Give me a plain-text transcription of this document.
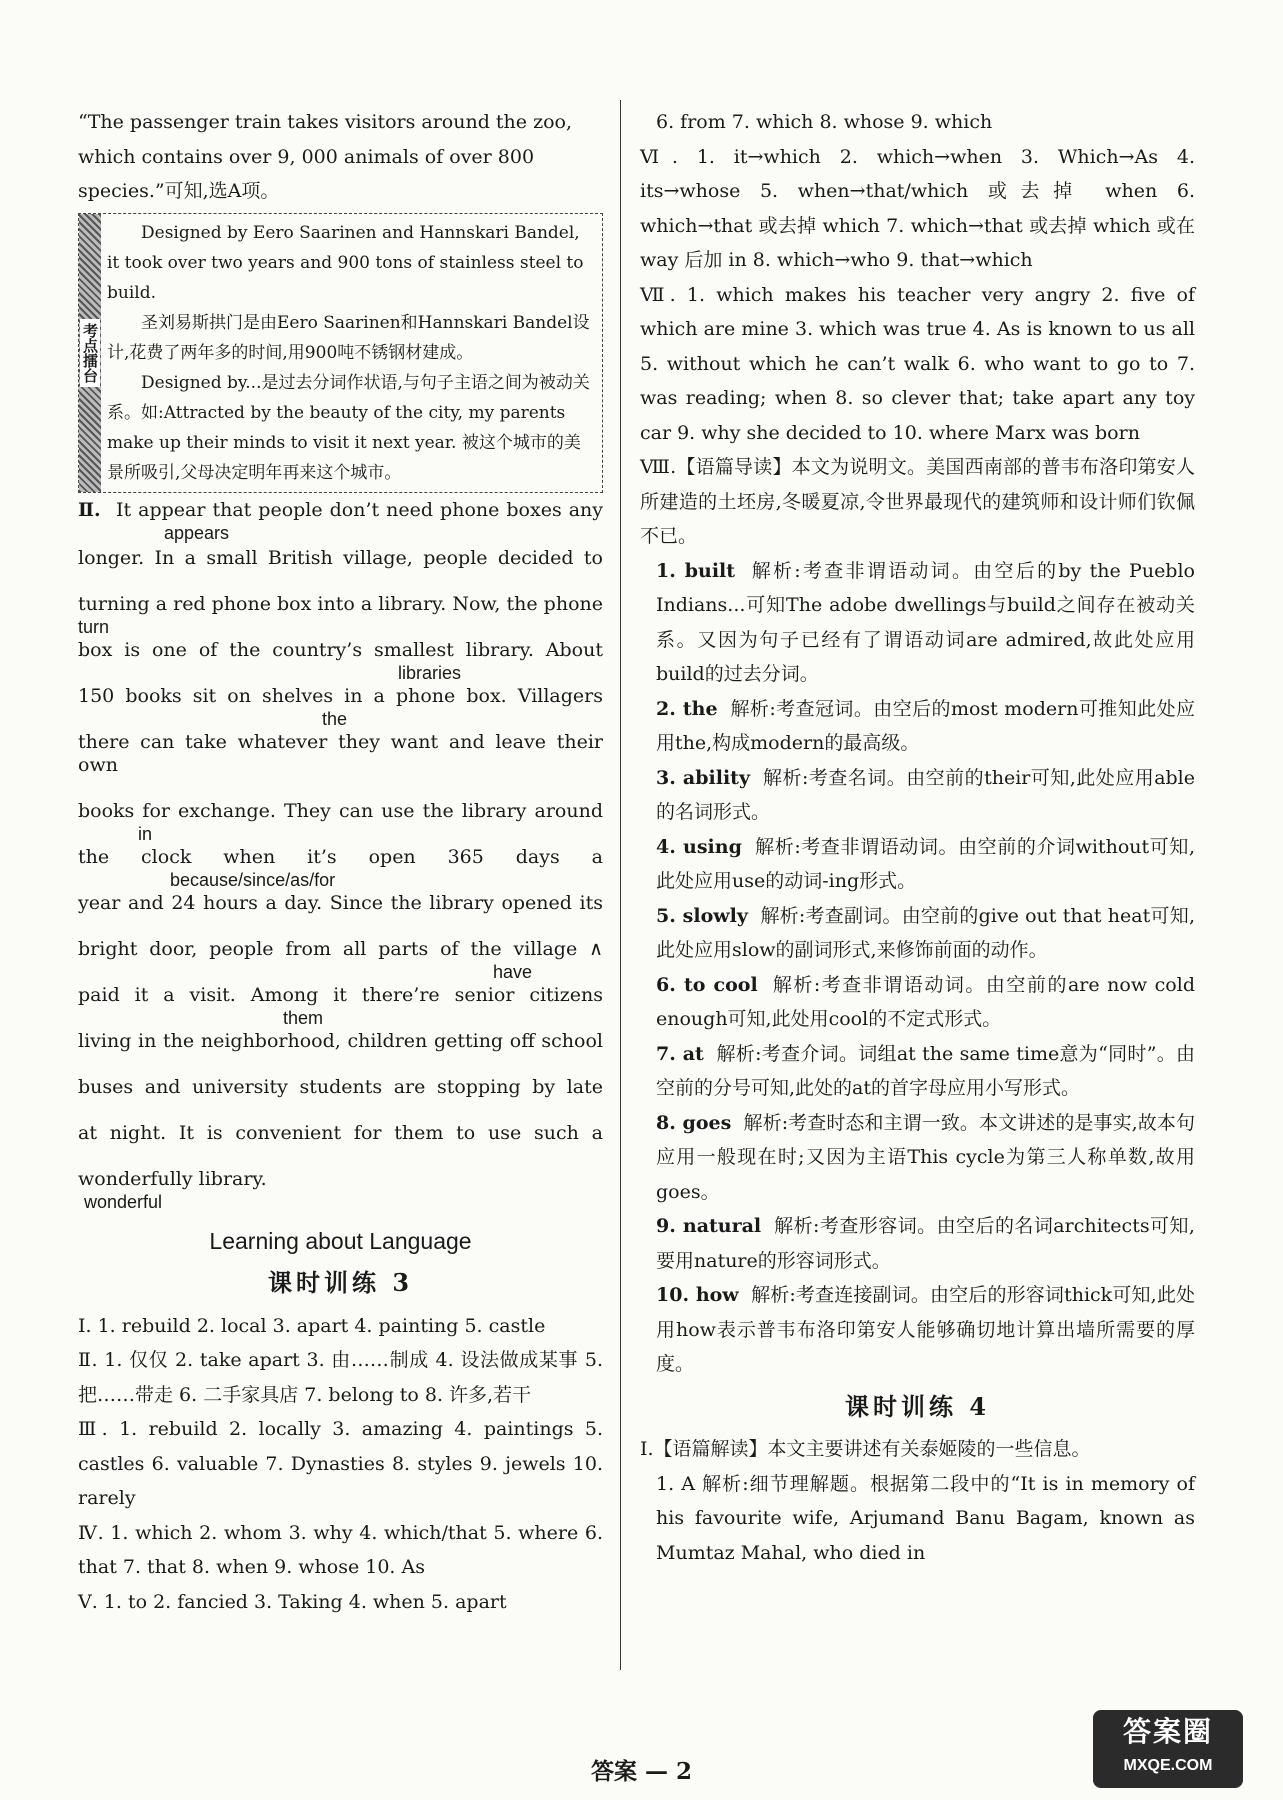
“The passenger train takes visitors around the zoo,

which contains over 9, 000 animals of over 800

species.”可知,选A项。

考点擂台

Designed by Eero Saarinen and Hannskari Bandel, it took over two years and 900 tons of stainless steel to build.

圣刘易斯拱门是由Eero Saarinen和Hannskari Bandel设计,花费了两年多的时间,用900吨不锈钢材建成。

Designed by...是过去分词作状语,与句子主语之间为被动关系。如:Attracted by the beauty of the city, my parents make up their minds to visit it next year. 被这个城市的美景所吸引,父母决定明年再来这个城市。

Ⅱ. It appear that people don’t need phone boxes any
appears
longer. In a small British village, people decided to
turning a red phone box into a library. Now, the phone
turn
box is one of the country’s smallest library. About
libraries
150 books sit on shelves in a phone box. Villagers
the
there can take whatever they want and leave their own
books for exchange. They can use the library around
in
the clock when it’s open 365 days a
because/since/as/for
year and 24 hours a day. Since the library opened its
bright door, people from all parts of the village ∧
have
paid it a visit. Among it there’re senior citizens
them
living in the neighborhood, children getting off school
buses and university students are stopping by late
at night. It is convenient for them to use such a
wonderfully library.
wonderful
Learning about Language
课时训练 3

Ⅰ. 1. rebuild 2. local 3. apart 4. painting 5. castle

Ⅱ. 1. 仅仅 2. take apart 3. 由……制成 4. 设法做成某事 5. 把……带走 6. 二手家具店 7. belong to 8. 许多,若干

Ⅲ. 1. rebuild 2. locally 3. amazing 4. paintings 5. castles 6. valuable 7. Dynasties 8. styles 9. jewels 10. rarely

Ⅳ. 1. which 2. whom 3. why 4. which/that 5. where 6. that 7. that 8. when 9. whose 10. As

Ⅴ. 1. to 2. fancied 3. Taking 4. when 5. apart

6. from 7. which 8. whose 9. which

Ⅵ. 1. it→which 2. which→when 3. Which→As 4. its→whose 5. when→that/which 或去掉 when 6. which→that 或去掉 which 7. which→that 或去掉 which 或在 way 后加 in 8. which→who 9. that→which

Ⅶ. 1. which makes his teacher very angry 2. five of which are mine 3. which was true 4. As is known to us all 5. without which he can’t walk 6. who want to go to 7. was reading; when 8. so clever that; take apart any toy car 9. why she decided to 10. where Marx was born

Ⅷ.【语篇导读】本文为说明文。美国西南部的普韦布洛印第安人所建造的土坯房,冬暖夏凉,令世界最现代的建筑师和设计师们钦佩不已。

1. built 解析:考查非谓语动词。由空后的by the Pueblo Indians...可知The adobe dwellings与build之间存在被动关系。又因为句子已经有了谓语动词are admired,故此处应用build的过去分词。

2. the 解析:考查冠词。由空后的most modern可推知此处应用the,构成modern的最高级。

3. ability 解析:考查名词。由空前的their可知,此处应用able的名词形式。

4. using 解析:考查非谓语动词。由空前的介词without可知,此处应用use的动词-ing形式。

5. slowly 解析:考查副词。由空前的give out that heat可知,此处应用slow的副词形式,来修饰前面的动作。

6. to cool 解析:考查非谓语动词。由空前的are now cold enough可知,此处用cool的不定式形式。

7. at 解析:考查介词。词组at the same time意为“同时”。由空前的分号可知,此处的at的首字母应用小写形式。

8. goes 解析:考查时态和主谓一致。本文讲述的是事实,故本句应用一般现在时;又因为主语This cycle为第三人称单数,故用goes。

9. natural 解析:考查形容词。由空后的名词architects可知,要用nature的形容词形式。

10. how 解析:考查连接副词。由空后的形容词thick可知,此处用how表示普韦布洛印第安人能够确切地计算出墙所需要的厚度。

课时训练 4

Ⅰ.【语篇解读】本文主要讲述有关泰姬陵的一些信息。

1. A 解析:细节理解题。根据第二段中的“It is in memory of his favourite wife, Arjumand Banu Bagam, known as Mumtaz Mahal, who died in

答案 — 2
答案圈
MXQE.COM
